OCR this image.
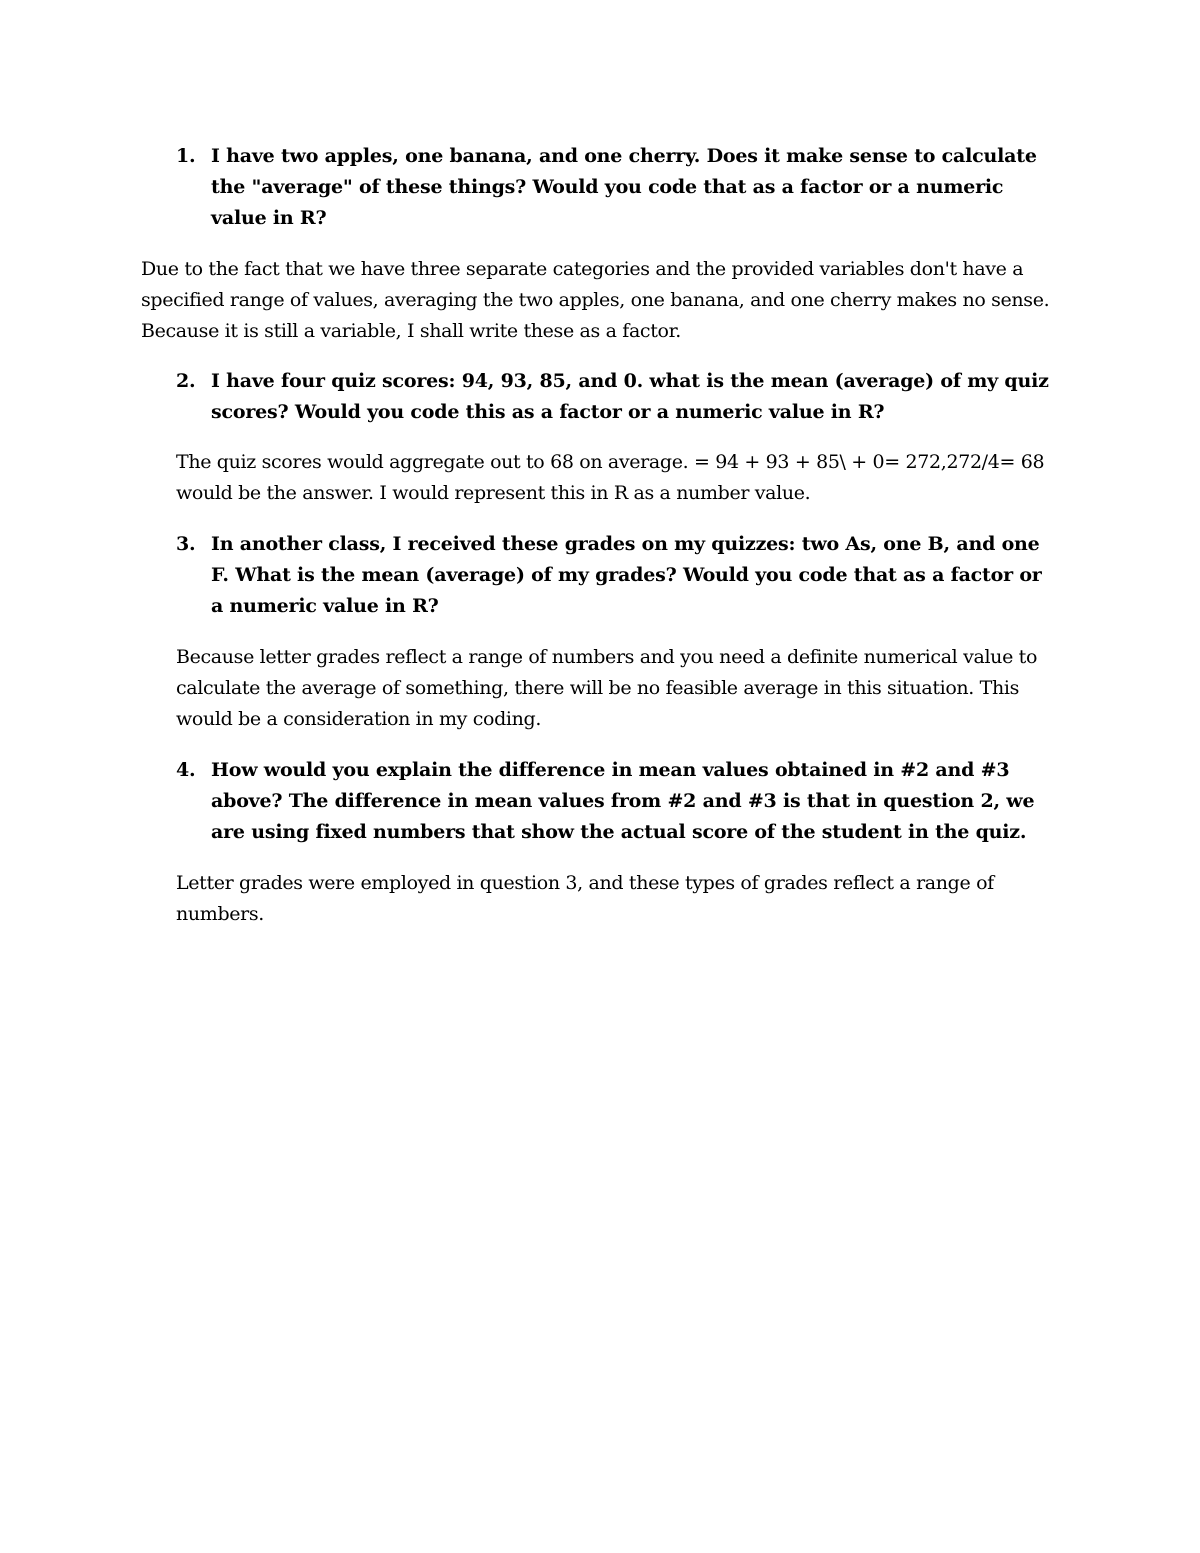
1. I have two apples, one banana, and one cherry. Does it make sense to calculate the "average" of these things? Would you code that as a factor or a numeric value in R?
Due to the fact that we have three separate categories and the provided variables don't have a specified range of values, averaging the two apples, one banana, and one cherry makes no sense. Because it is still a variable, I shall write these as a factor.
2. I have four quiz scores: 94, 93, 85, and 0. what is the mean (average) of my quiz scores? Would you code this as a factor or a numeric value in R?
The quiz scores would aggregate out to 68 on average. = 94 + 93 + 85\ + 0= 272,272/4= 68 would be the answer. I would represent this in R as a number value.
3. In another class, I received these grades on my quizzes: two As, one B, and one F. What is the mean (average) of my grades? Would you code that as a factor or a numeric value in R?
Because letter grades reflect a range of numbers and you need a definite numerical value to calculate the average of something, there will be no feasible average in this situation. This would be a consideration in my coding.
4. How would you explain the difference in mean values obtained in #2 and #3 above? The difference in mean values from #2 and #3 is that in question 2, we are using fixed numbers that show the actual score of the student in the quiz.
Letter grades were employed in question 3, and these types of grades reflect a range of numbers.
